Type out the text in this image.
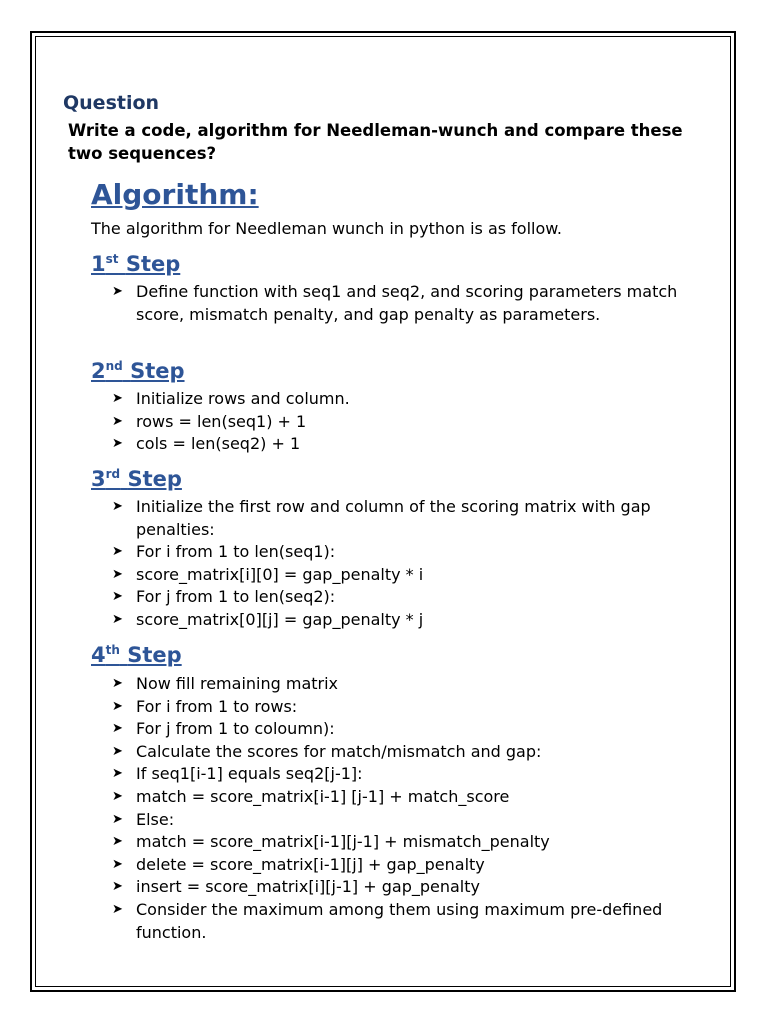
Question

Write a code, algorithm for Needleman-wunch and compare these two sequences?

Algorithm:

The algorithm for Needleman wunch in python is as follow.

1st Step
➤ Define function with seq1 and seq2, and scoring parameters match score, mismatch penalty, and gap penalty as parameters.
2nd Step
➤ Initialize rows and column.
➤ rows = len(seq1) + 1
➤ cols = len(seq2) + 1
3rd Step
➤ Initialize the first row and column of the scoring matrix with gap penalties:
➤ For i from 1 to len(seq1):
➤ score_matrix[i][0] = gap_penalty * i
➤ For j from 1 to len(seq2):
➤ score_matrix[0][j] = gap_penalty * j
4th Step
➤ Now fill remaining matrix
➤ For i from 1 to rows:
➤ For j from 1 to coloumn):
➤ Calculate the scores for match/mismatch and gap:
➤ If seq1[i-1] equals seq2[j-1]:
➤ match = score_matrix[i-1] [j-1] + match_score
➤ Else:
➤ match = score_matrix[i-1][j-1] + mismatch_penalty
➤ delete = score_matrix[i-1][j] + gap_penalty
➤ insert = score_matrix[i][j-1] + gap_penalty
➤ Consider the maximum among them using maximum pre-defined function.
